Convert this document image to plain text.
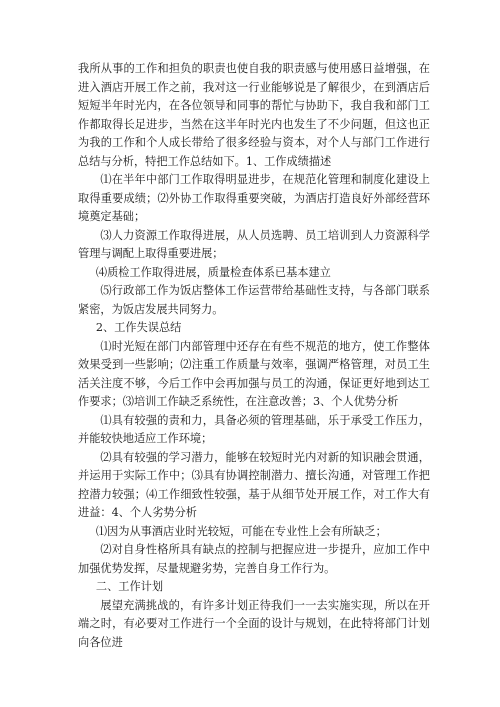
我所从事的工作和担负的职责也使自我的职责感与使用感日益增强，在进入酒店开展工作之前，我对这一行业能够说是了解很少，在到酒店后短短半年时光内，在各位领导和同事的帮忙与协助下，我自我和部门工作都取得长足进步，当然在这半年时光内也发生了不少问题，但这也正为我的工作和个人成长带给了很多经验与资本，对个人与部门工作进行总结与分析，特把工作总结如下。1、工作成绩描述

⑴在半年中部门工作取得明显进步，在规范化管理和制度化建设上取得重要成绩；⑵外协工作取得重要突破，为酒店打造良好外部经营环境奠定基础；

⑶人力资源工作取得进展，从人员选聘、员工培训到人力资源科学管理与调配上取得重要进展；

⑷质检工作取得进展，质量检查体系已基本建立

⑸行政部工作为饭店整体工作运营带给基础性支持，与各部门联系紧密，为饭店发展共同努力。

2、工作失误总结

⑴时光短在部门内部管理中还存在有些不规范的地方，使工作整体效果受到一些影响；⑵注重工作质量与效率，强调严格管理，对员工生活关注度不够，今后工作中会再加强与员工的沟通，保证更好地到达工作要求；⑶培训工作缺乏系统性，在注意改善；3、个人优势分析

⑴具有较强的责和力，具备必须的管理基础，乐于承受工作压力，并能较快地适应工作环境；

⑵具有较强的学习潜力，能够在较短时光内对新的知识融会贯通，并运用于实际工作中；⑶具有协调控制潜力、擅长沟通，对管理工作把控潜力较强；⑷工作细致性较强，基于从细节处开展工作，对工作大有进益：4、个人劣势分析

⑴因为从事酒店业时光较短，可能在专业性上会有所缺乏；

⑵对自身性格所具有缺点的控制与把握应进一步提升，应加工作中加强优势发挥，尽量规避劣势，完善自身工作行为。

二、工作计划

展望充满挑战的，有许多计划正待我们一一去实施实现，所以在开端之时，有必要对工作进行一个全面的设计与规划，在此特将部门计划向各位进
